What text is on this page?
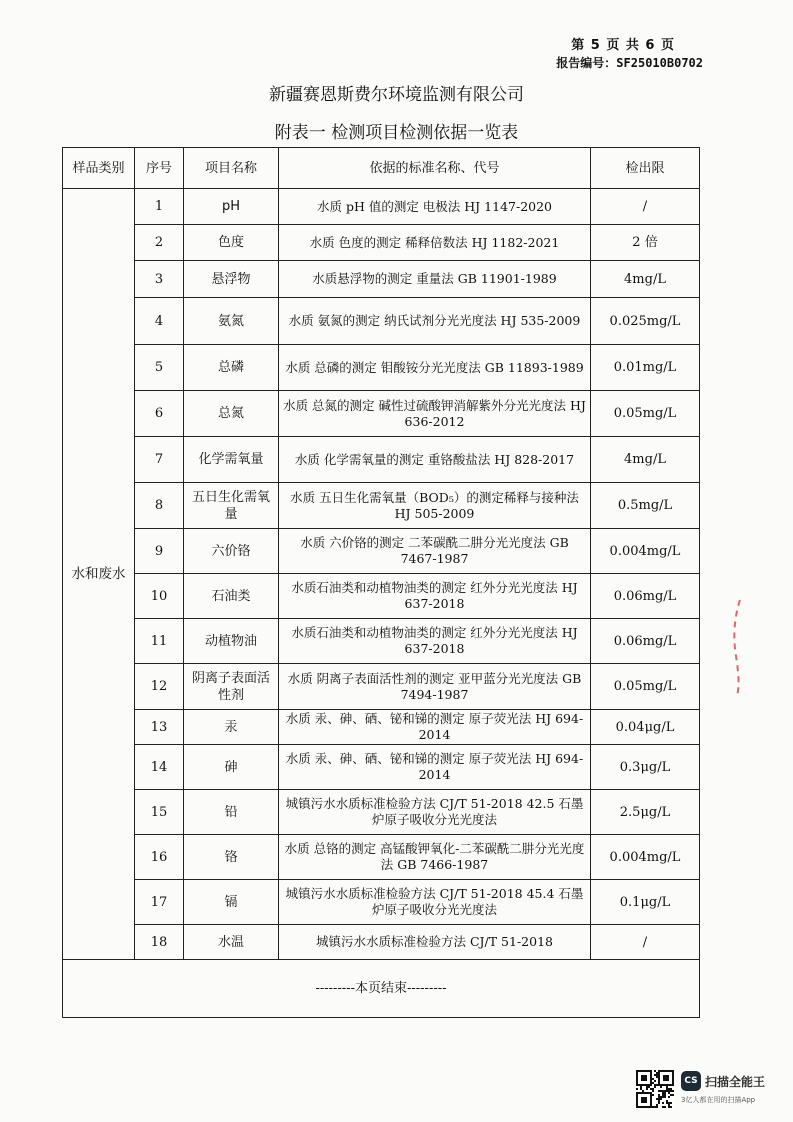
第 5 页 共 6 页
报告编号：SF25010B0702
新疆赛恩斯费尔环境监测有限公司
附表一 检测项目检测依据一览表
样品类别	序号	项目名称	依据的标准名称、代号	检出限
水和废水	1	pH	水质 pH 值的测定 电极法 HJ 1147-2020	/
	2	色度	水质 色度的测定 稀释倍数法 HJ 1182-2021	2 倍
	3	悬浮物	水质悬浮物的测定 重量法 GB 11901-1989	4mg/L
	4	氨氮	水质 氨氮的测定 纳氏试剂分光光度法 HJ 535-2009	0.025mg/L
	5	总磷	水质 总磷的测定 钼酸铵分光光度法 GB 11893-1989	0.01mg/L
	6	总氮	水质 总氮的测定 碱性过硫酸钾消解紫外分光光度法 HJ 636-2012	0.05mg/L
	7	化学需氧量	水质 化学需氧量的测定 重铬酸盐法 HJ 828-2017	4mg/L
	8	五日生化需氧量	水质 五日生化需氧量（BOD₅）的测定稀释与接种法 HJ 505-2009	0.5mg/L
	9	六价铬	水质 六价铬的测定 二苯碳酰二肼分光光度法 GB 7467-1987	0.004mg/L
	10	石油类	水质石油类和动植物油类的测定 红外分光光度法 HJ 637-2018	0.06mg/L
	11	动植物油	水质石油类和动植物油类的测定 红外分光光度法 HJ 637-2018	0.06mg/L
	12	阴离子表面活性剂	水质 阴离子表面活性剂的测定 亚甲蓝分光光度法 GB 7494-1987	0.05mg/L
	13	汞	水质 汞、砷、硒、铋和锑的测定 原子荧光法 HJ 694-2014	0.04μg/L
	14	砷	水质 汞、砷、硒、铋和锑的测定 原子荧光法 HJ 694-2014	0.3μg/L
	15	铅	城镇污水水质标准检验方法 CJ/T 51-2018 42.5 石墨炉原子吸收分光光度法	2.5μg/L
	16	铬	水质 总铬的测定 高锰酸钾氧化-二苯碳酰二肼分光光度法 GB 7466-1987	0.004mg/L
	17	镉	城镇污水水质标准检验方法 CJ/T 51-2018 45.4 石墨炉原子吸收分光光度法	0.1μg/L
	18	水温	城镇污水水质标准检验方法 CJ/T 51-2018	/
---------本页结束---------				
CS 扫描全能王
3亿人都在用的扫描App
